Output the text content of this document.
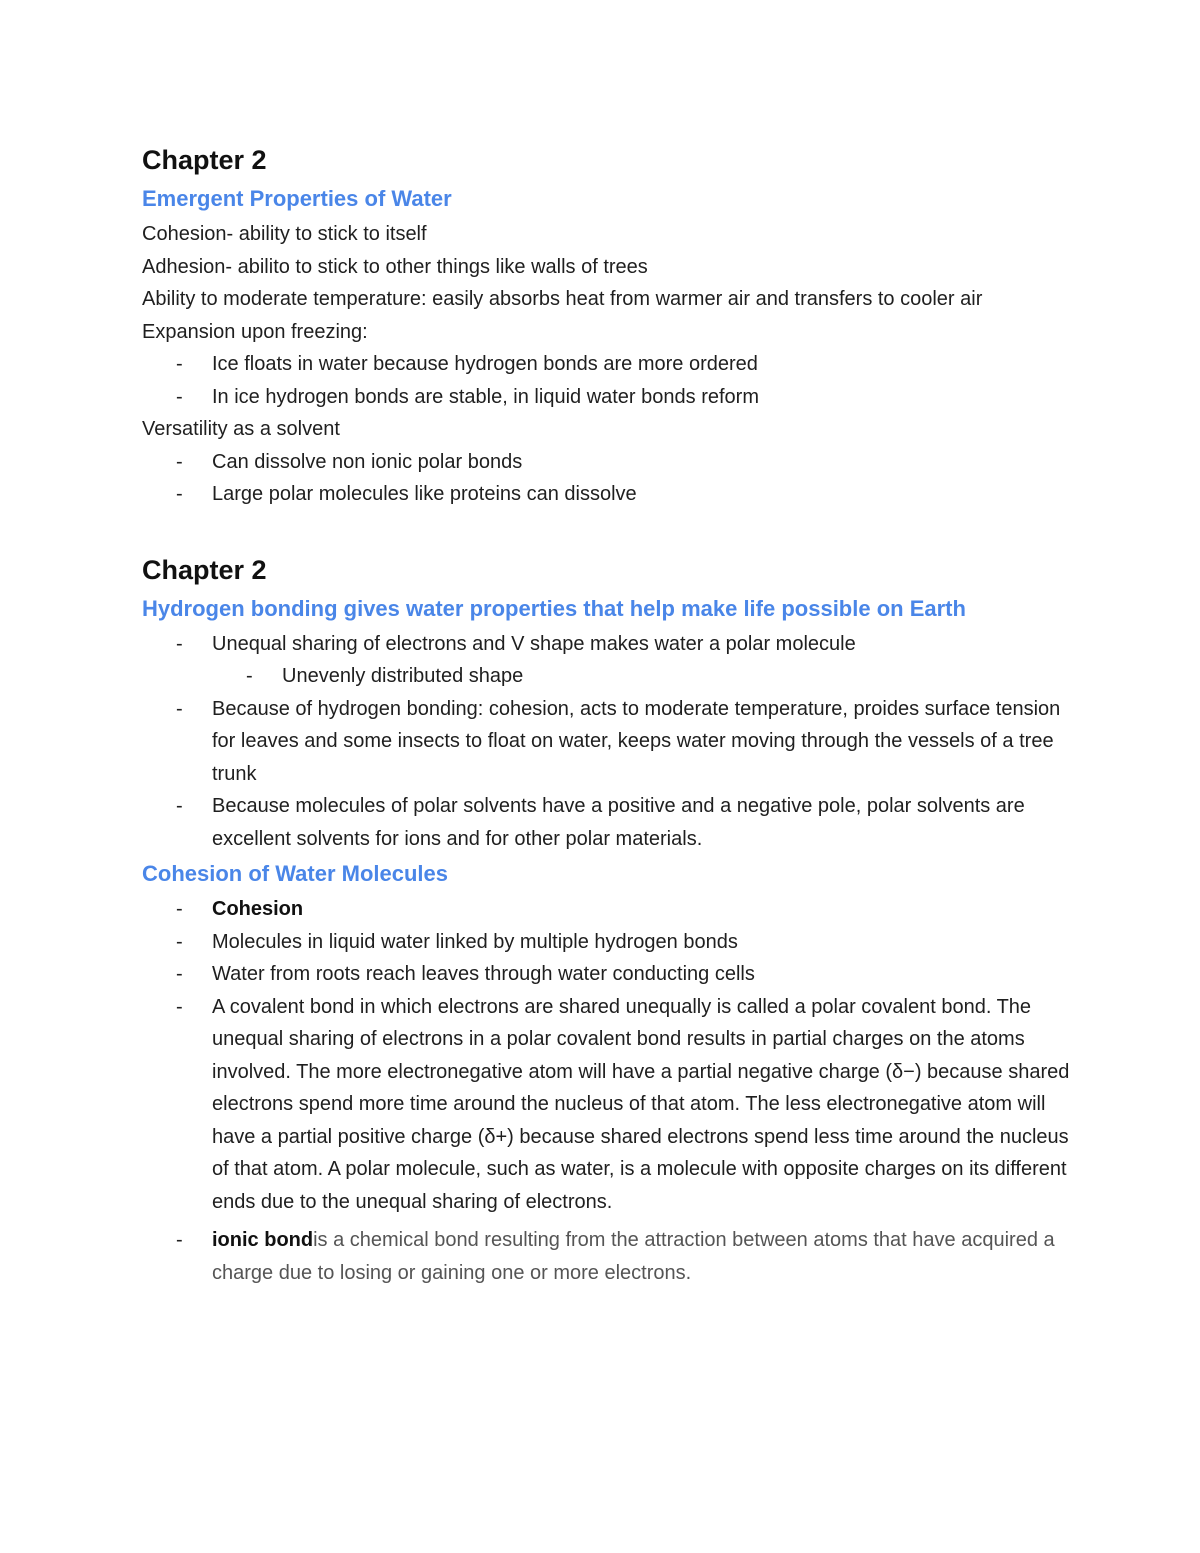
Chapter 2
Emergent Properties of Water

Cohesion- ability to stick to itself

Adhesion- abilito to stick to other things like walls of trees

Ability to moderate temperature: easily absorbs heat from warmer air and transfers to cooler air

Expansion upon freezing:

- Ice floats in water because hydrogen bonds are more ordered
- In ice hydrogen bonds are stable, in liquid water bonds reform

Versatility as a solvent

- Can dissolve non ionic polar bonds
- Large polar molecules like proteins can dissolve
Chapter 2
Hydrogen bonding gives water properties that help make life possible on Earth
- Unequal sharing of electrons and V shape makes water a polar molecule
- Unevenly distributed shape
- Because of hydrogen bonding: cohesion, acts to moderate temperature, proides surface tension for leaves and some insects to float on water, keeps water moving through the vessels of a tree trunk
- Because molecules of polar solvents have a positive and a negative pole, polar solvents are excellent solvents for ions and for other polar materials.
Cohesion of Water Molecules
- Cohesion
- Molecules in liquid water linked by multiple hydrogen bonds
- Water from roots reach leaves through water conducting cells
- A covalent bond in which electrons are shared unequally is called a polar covalent bond. The unequal sharing of electrons in a polar covalent bond results in partial charges on the atoms involved. The more electronegative atom will have a partial negative charge (δ−) because shared electrons spend more time around the nucleus of that atom. The less electronegative atom will have a partial positive charge (δ+) because shared electrons spend less time around the nucleus of that atom. A polar molecule, such as water, is a molecule with opposite charges on its different ends due to the unequal sharing of electrons.
- ionic bondis a chemical bond resulting from the attraction between atoms that have acquired a charge due to losing or gaining one or more electrons.
